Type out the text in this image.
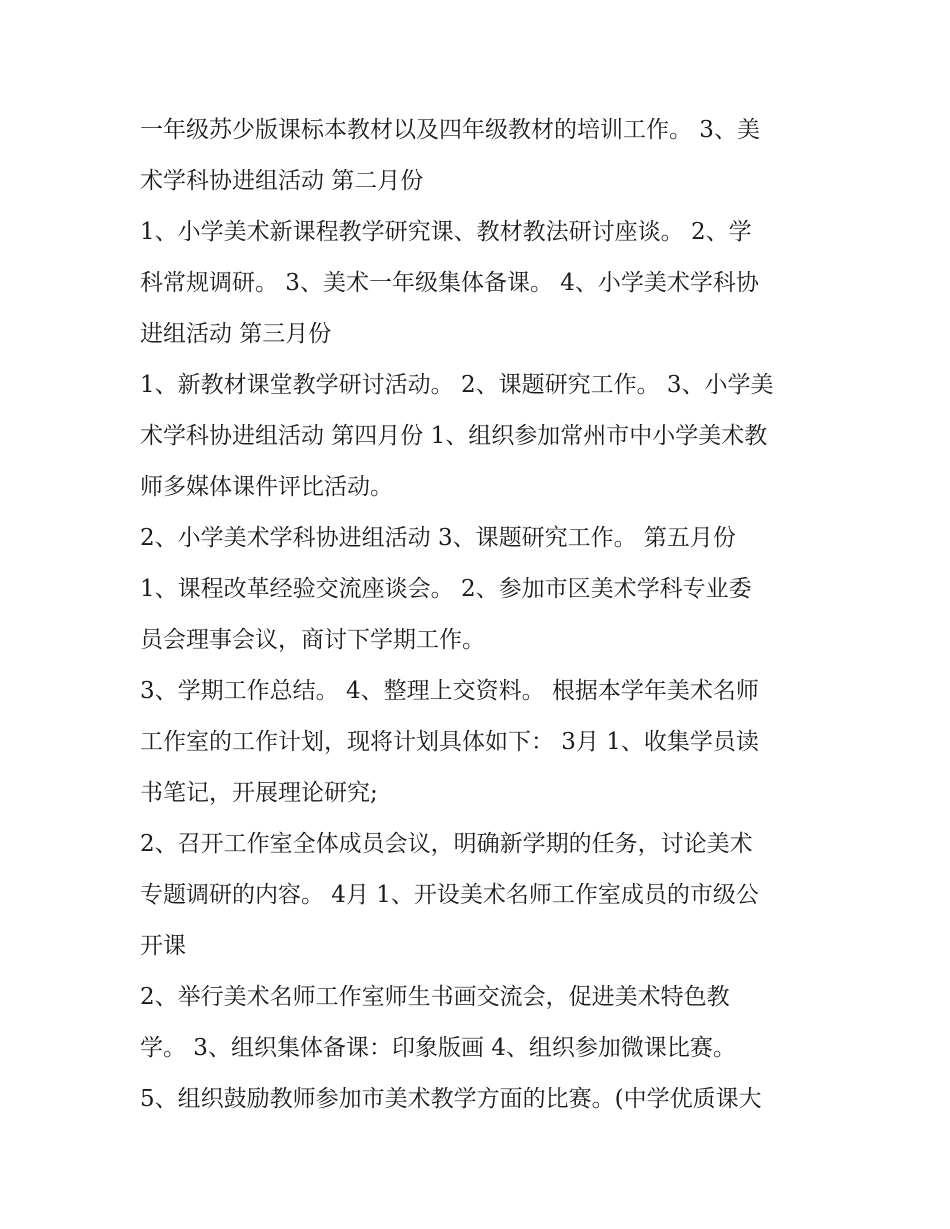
一年级苏少版课标本教材以及四年级教材的培训工作。 3、美
术学科协进组活动 第二月份
1、小学美术新课程教学研究课、教材教法研讨座谈。 2、学
科常规调研。 3、美术一年级集体备课。 4、小学美术学科协
进组活动 第三月份
1、新教材课堂教学研讨活动。 2、课题研究工作。 3、小学美
术学科协进组活动 第四月份 1、组织参加常州市中小学美术教
师多媒体课件评比活动。
2、小学美术学科协进组活动 3、课题研究工作。 第五月份
1、课程改革经验交流座谈会。 2、参加市区美术学科专业委
员会理事会议，商讨下学期工作。
3、学期工作总结。 4、整理上交资料。 根据本学年美术名师
工作室的工作计划，现将计划具体如下： 3月 1、收集学员读
书笔记，开展理论研究;
2、召开工作室全体成员会议，明确新学期的任务，讨论美术
专题调研的内容。 4月 1、开设美术名师工作室成员的市级公
开课
2、举行美术名师工作室师生书画交流会，促进美术特色教
学。 3、组织集体备课：印象版画 4、组织参加微课比赛。
5、组织鼓励教师参加市美术教学方面的比赛。(中学优质课大
